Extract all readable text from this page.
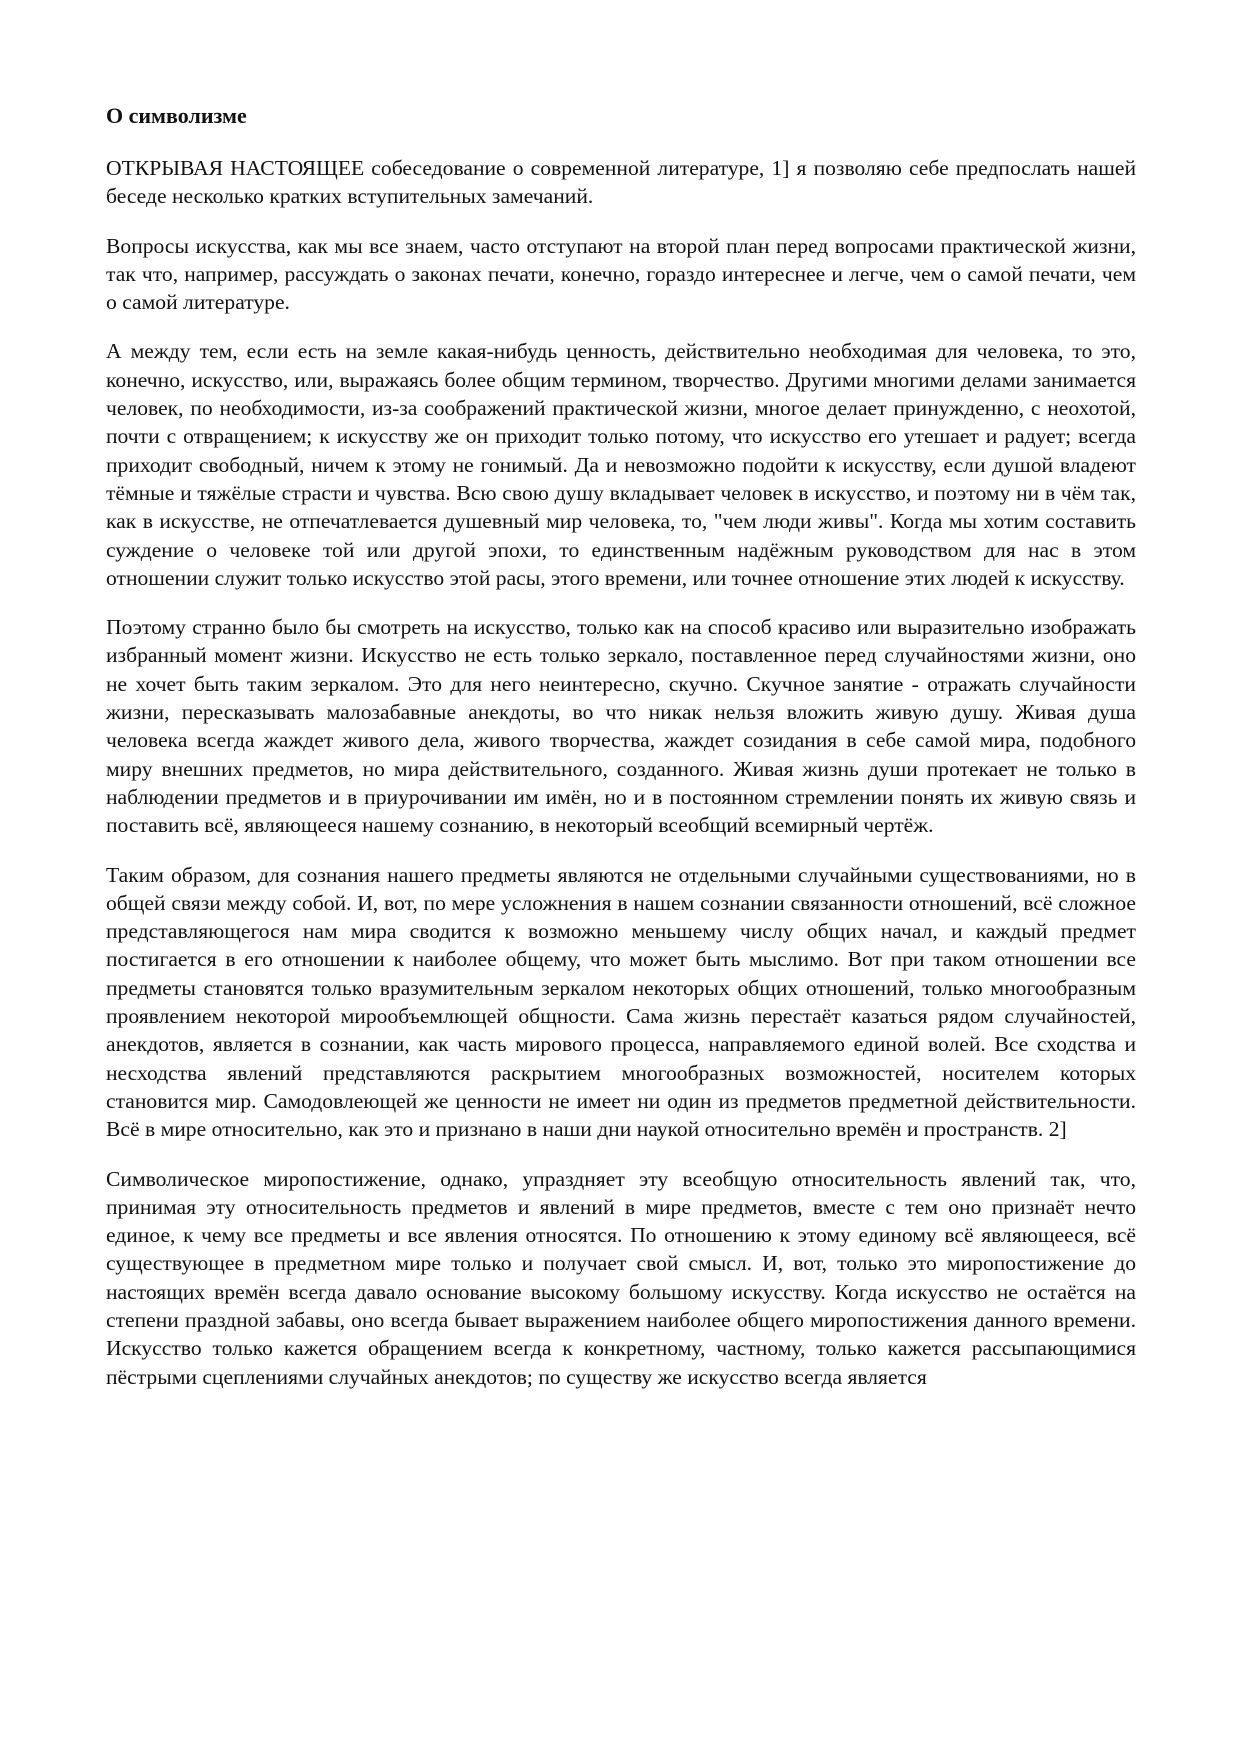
О символизме

ОТКРЫВАЯ НАСТОЯЩЕЕ собеседование о современной литературе, 1] я позволяю себе предпослать нашей беседе несколько кратких вступительных замечаний.

Вопросы искусства, как мы все знаем, часто отступают на второй план перед вопросами практической жизни, так что, например, рассуждать о законах печати, конечно, гораздо интереснее и легче, чем о самой печати, чем о самой литературе.

А между тем, если есть на земле какая-нибудь ценность, действительно необходимая для человека, то это, конечно, искусство, или, выражаясь более общим термином, творчество. Другими многими делами занимается человек, по необходимости, из-за соображений практической жизни, многое делает принужденно, с неохотой, почти с отвращением; к искусству же он приходит только потому, что искусство его утешает и радует; всегда приходит свободный, ничем к этому не гонимый. Да и невозможно подойти к искусству, если душой владеют тёмные и тяжёлые страсти и чувства. Всю свою душу вкладывает человек в искусство, и поэтому ни в чём так, как в искусстве, не отпечатлевается душевный мир человека, то, "чем люди живы". Когда мы хотим составить суждение о человеке той или другой эпохи, то единственным надёжным руководством для нас в этом отношении служит только искусство этой расы, этого времени, или точнее отношение этих людей к искусству.

Поэтому странно было бы смотреть на искусство, только как на способ красиво или выразительно изображать избранный момент жизни. Искусство не есть только зеркало, поставленное перед случайностями жизни, оно не хочет быть таким зеркалом. Это для него неинтересно, скучно. Скучное занятие - отражать случайности жизни, пересказывать малозабавные анекдоты, во что никак нельзя вложить живую душу. Живая душа человека всегда жаждет живого дела, живого творчества, жаждет созидания в себе самой мира, подобного миру внешних предметов, но мира действительного, созданного. Живая жизнь души протекает не только в наблюдении предметов и в приурочивании им имён, но и в постоянном стремлении понять их живую связь и поставить всё, являющееся нашему сознанию, в некоторый всеобщий всемирный чертёж.

Таким образом, для сознания нашего предметы являются не отдельными случайными существованиями, но в общей связи между собой. И, вот, по мере усложнения в нашем сознании связанности отношений, всё сложное представляющегося нам мира сводится к возможно меньшему числу общих начал, и каждый предмет постигается в его отношении к наиболее общему, что может быть мыслимо. Вот при таком отношении все предметы становятся только вразумительным зеркалом некоторых общих отношений, только многообразным проявлением некоторой мирообъемлющей общности. Сама жизнь перестаёт казаться рядом случайностей, анекдотов, является в сознании, как часть мирового процесса, направляемого единой волей. Все сходства и несходства явлений представляются раскрытием многообразных возможностей, носителем которых становится мир. Самодовлеющей же ценности не имеет ни один из предметов предметной действительности. Всё в мире относительно, как это и признано в наши дни наукой относительно времён и пространств. 2]

Символическое миропостижение, однако, упраздняет эту всеобщую относительность явлений так, что, принимая эту относительность предметов и явлений в мире предметов, вместе с тем оно признаёт нечто единое, к чему все предметы и все явления относятся. По отношению к этому единому всё являющееся, всё существующее в предметном мире только и получает свой смысл. И, вот, только это миропостижение до настоящих времён всегда давало основание высокому большому искусству. Когда искусство не остаётся на степени праздной забавы, оно всегда бывает выражением наиболее общего миропостижения данного времени. Искусство только кажется обращением всегда к конкретному, частному, только кажется рассыпающимися пёстрыми сцеплениями случайных анекдотов; по существу же искусство всегда является
